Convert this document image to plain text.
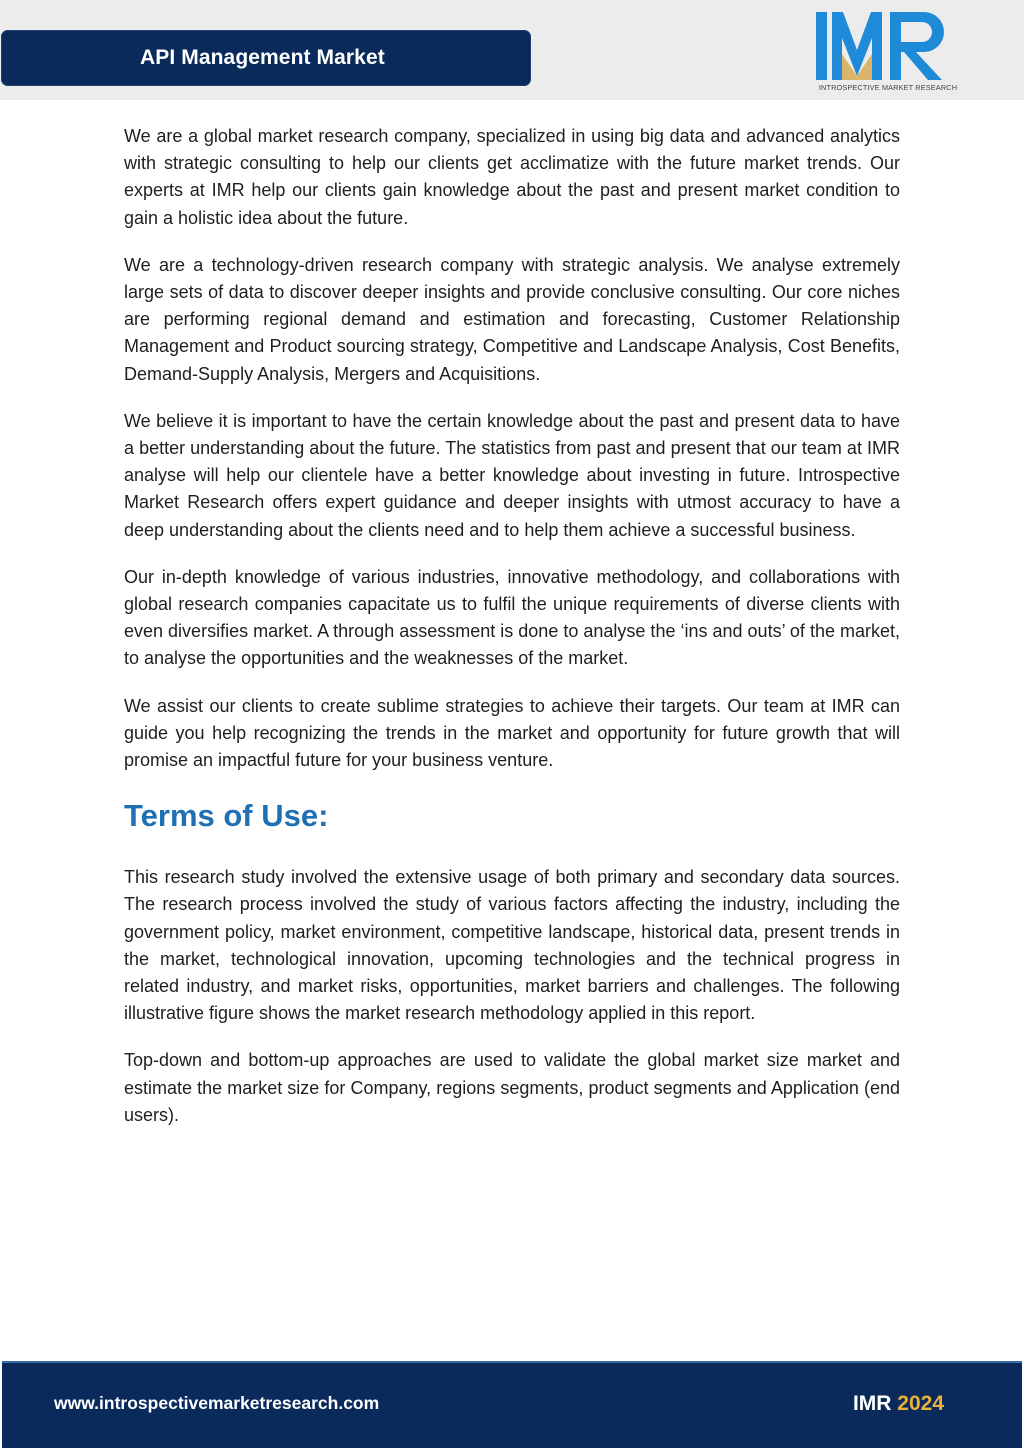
API Management Market
INTROSPECTIVE MARKET RESEARCH

We are a global market research company, specialized in using big data and advanced analytics with strategic consulting to help our clients get acclimatize with the future market trends. Our experts at IMR help our clients gain knowledge about the past and present market condition to gain a holistic idea about the future.

We are a technology-driven research company with strategic analysis. We analyse extremely large sets of data to discover deeper insights and provide conclusive consulting. Our core niches are performing regional demand and estimation and forecasting, Customer Relationship Management and Product sourcing strategy, Competitive and Landscape Analysis, Cost Benefits, Demand-Supply Analysis, Mergers and Acquisitions.

We believe it is important to have the certain knowledge about the past and present data to have a better understanding about the future. The statistics from past and present that our team at IMR analyse will help our clientele have a better knowledge about investing in future. Introspective Market Research offers expert guidance and deeper insights with utmost accuracy to have a deep understanding about the clients need and to help them achieve a successful business.

Our in-depth knowledge of various industries, innovative methodology, and collaborations with global research companies capacitate us to fulfil the unique requirements of diverse clients with even diversifies market. A through assessment is done to analyse the ‘ins and outs’ of the market, to analyse the opportunities and the weaknesses of the market.

We assist our clients to create sublime strategies to achieve their targets. Our team at IMR can guide you help recognizing the trends in the market and opportunity for future growth that will promise an impactful future for your business venture.

Terms of Use:

This research study involved the extensive usage of both primary and secondary data sources. The research process involved the study of various factors affecting the industry, including the government policy, market environment, competitive landscape, historical data, present trends in the market, technological innovation, upcoming technologies and the technical progress in related industry, and market risks, opportunities, market barriers and challenges. The following illustrative figure shows the market research methodology applied in this report.

Top-down and bottom-up approaches are used to validate the global market size market and estimate the market size for Company, regions segments, product segments and Application (end users).

www.introspectivemarketresearch.com	IMR 2024
